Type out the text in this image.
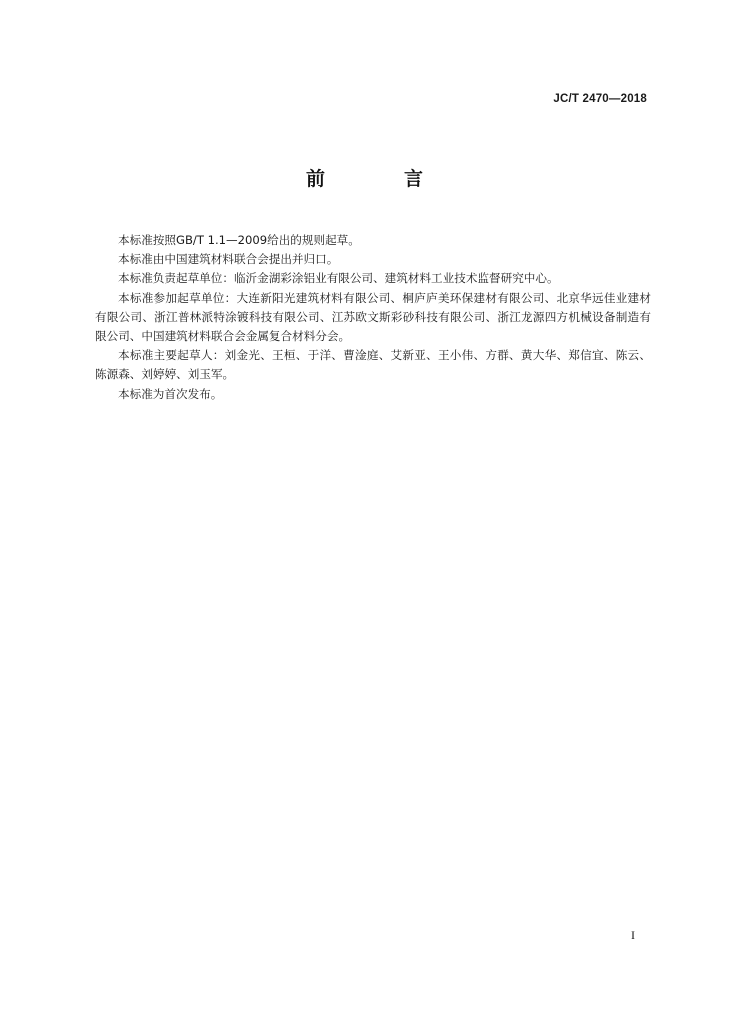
JC/T 2470—2018
前　言

本标准按照GB/T 1.1—2009给出的规则起草。

本标准由中国建筑材料联合会提出并归口。

本标准负责起草单位：临沂金湖彩涂铝业有限公司、建筑材料工业技术监督研究中心。

本标准参加起草单位：大连新阳光建筑材料有限公司、桐庐庐美环保建材有限公司、北京华远佳业建材有限公司、浙江普林派特涂镀科技有限公司、江苏欧文斯彩砂科技有限公司、浙江龙源四方机械设备制造有限公司、中国建筑材料联合会金属复合材料分会。

本标准主要起草人：刘金光、王桓、于洋、曹淦庭、艾新亚、王小伟、方群、黄大华、郑信宜、陈云、陈源森、刘婷婷、刘玉军。

本标准为首次发布。

I
